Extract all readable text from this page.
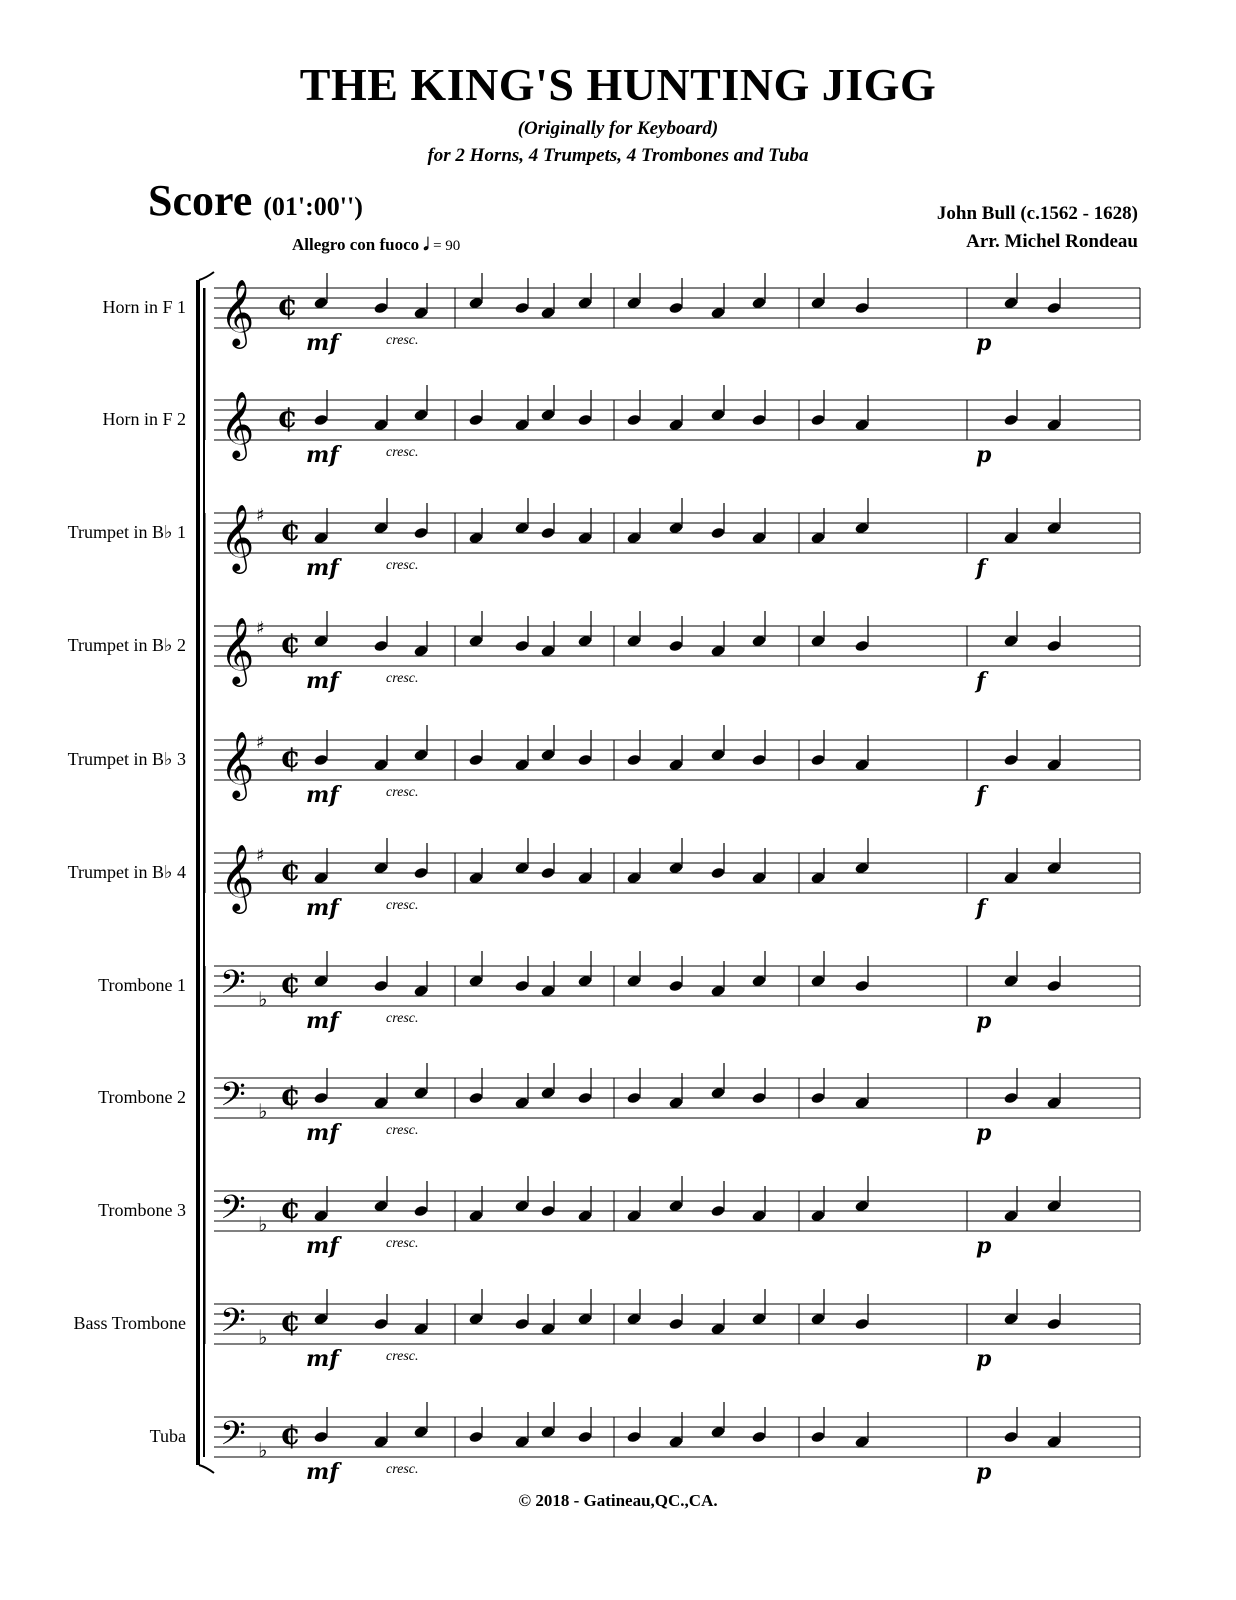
THE KING'S HUNTING JIGG
(Originally for Keyboard)
for 2 Horns, 4 Trumpets, 4 Trombones and Tuba
Score (01':00'')	John Bull (c.1562 - 1628)
Arr. Michel Rondeau
Allegro con fuoco 𝅗𝅥 = 90
Horn in F 1
Horn in F 2
Trumpet in B♭ 1
Trumpet in B♭ 2
Trumpet in B♭ 3
Trumpet in B♭ 4
Trombone 1
Trombone 2
Trombone 3
Bass Trombone
Tuba
𝄞 ¢
mf	cresc.	p
𝄞 ¢
mf	cresc.	p
𝄞 ♯ ¢
mf	cresc.	f
𝄞 ♯ ¢
mf	cresc.	f
𝄞 ♯ ¢
mf	cresc.	f
𝄞 ♯ ¢
mf	cresc.	f
𝄢 ♭ ¢
mf	cresc.	p
𝄢 ♭ ¢
mf	cresc.	p
𝄢 ♭ ¢
mf	cresc.	p
𝄢 ♭ ¢
mf	cresc.	p
𝄢 ♭ ¢
mf	cresc.	p
© 2018 - Gatineau,QC.,CA.
